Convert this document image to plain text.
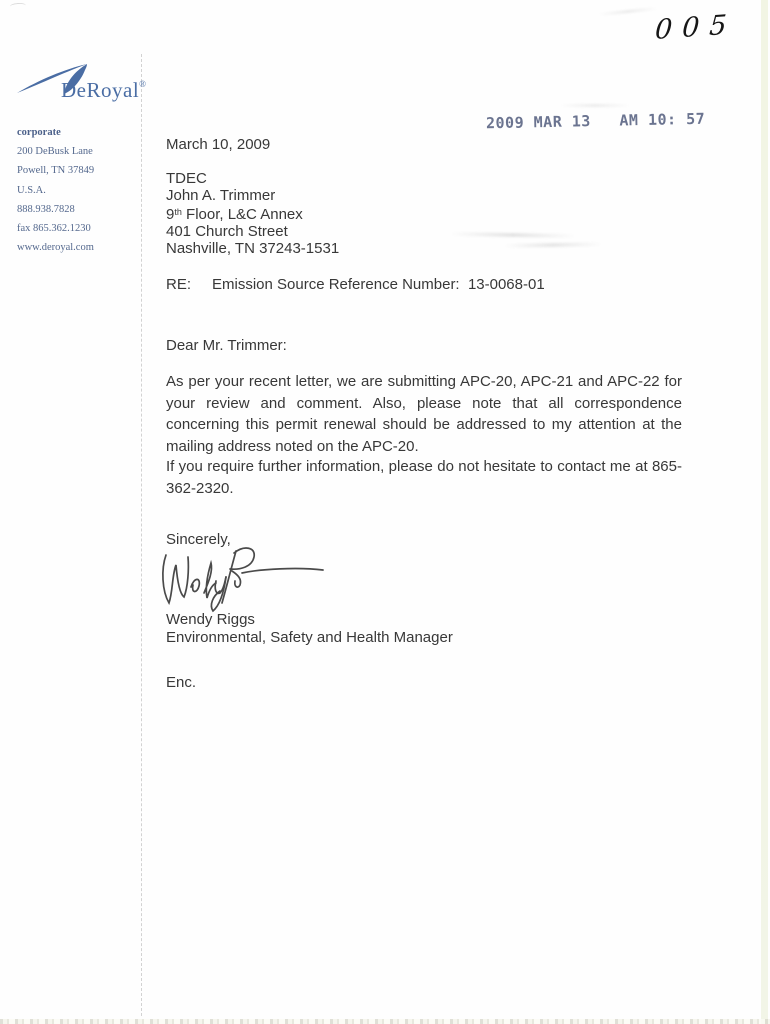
005
DeRoyal®
corporate
200 DeBusk Lane
Powell, TN 37849
U.S.A.
888.938.7828
fax 865.362.1230
www.deroyal.com
2009 MAR 13   AM 10: 57
March 10, 2009
TDEC
John A. Trimmer
9th Floor, L&C Annex
401 Church Street
Nashville, TN 37243-1531
RE: Emission Source Reference Number:  13-0068-01
Dear Mr. Trimmer:
As per your recent letter, we are submitting APC-20, APC-21 and APC-22 for your review and comment. Also, please note that all correspondence concerning this permit renewal should be addressed to my attention at the mailing address noted on the APC-20.
If you require further information, please do not hesitate to contact me at 865-362-2320.
Sincerely,
Wendy Riggs
Environmental, Safety and Health Manager
Enc.
